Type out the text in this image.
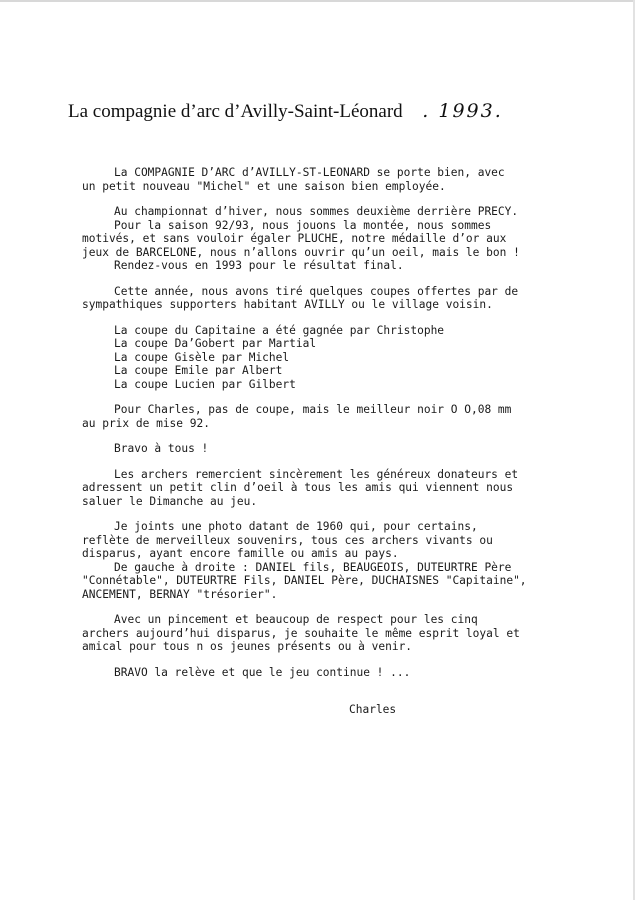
La compagnie d’arc d’Avilly-Saint-Léonard . 1993.

La COMPAGNIE D’ARC d’AVILLY-ST-LEONARD se porte bien, avec

un petit nouveau "Michel" et une saison bien employée.

Au championnat d’hiver, nous sommes deuxième derrière PRECY.

Pour la saison 92/93, nous jouons la montée, nous sommes

motivés, et sans vouloir égaler PLUCHE, notre médaille d’or aux

jeux de BARCELONE, nous n’allons ouvrir qu’un oeil, mais le bon !

Rendez-vous en 1993 pour le résultat final.

Cette année, nous avons tiré quelques coupes offertes par de

sympathiques supporters habitant AVILLY ou le village voisin.

La coupe du Capitaine a été gagnée par Christophe

La coupe Da’Gobert par Martial

La coupe Gisèle par Michel

La coupe Emile par Albert

La coupe Lucien par Gilbert

Pour Charles, pas de coupe, mais le meilleur noir O O,08 mm

au prix de mise 92.

Bravo à tous !

Les archers remercient sincèrement les généreux donateurs et

adressent un petit clin d’oeil à tous les amis qui viennent nous

saluer le Dimanche au jeu.

Je joints une photo datant de 1960 qui, pour certains,

reflète de merveilleux souvenirs, tous ces archers vivants ou

disparus, ayant encore famille ou amis au pays.

De gauche à droite : DANIEL fils, BEAUGEOIS, DUTEURTRE Père

"Connétable", DUTEURTRE Fils, DANIEL Père, DUCHAISNES "Capitaine",

ANCEMENT, BERNAY "trésorier".

Avec un pincement et beaucoup de respect pour les cinq

archers aujourd’hui disparus, je souhaite le même esprit loyal et

amical pour tous n os jeunes présents ou à venir.

BRAVO la relève et que le jeu continue ! ...

Charles
